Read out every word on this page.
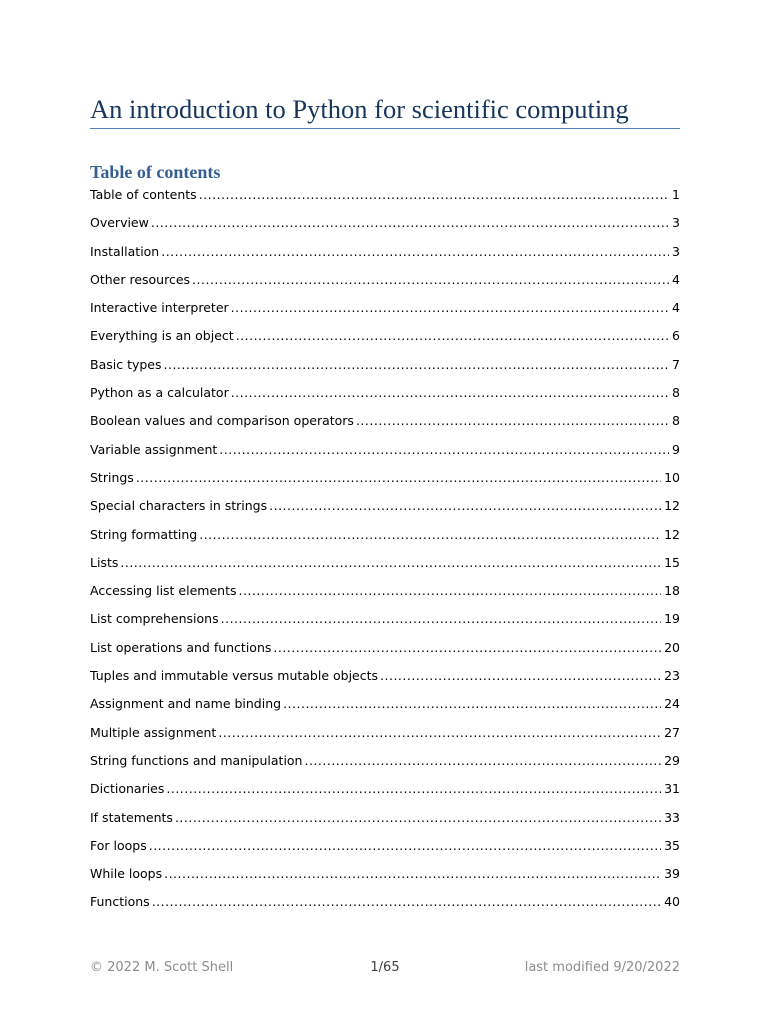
An introduction to Python for scientific computing
Table of contents
Table of contents .....	1
Overview .....	3
Installation .....	3
Other resources .....	4
Interactive interpreter .....	4
Everything is an object .....	6
Basic types .....	7
Python as a calculator .....	8
Boolean values and comparison operators .....	8
Variable assignment .....	9
Strings .....	10
Special characters in strings .....	12
String formatting .....	12
Lists .....	15
Accessing list elements .....	18
List comprehensions .....	19
List operations and functions .....	20
Tuples and immutable versus mutable objects .....	23
Assignment and name binding .....	24
Multiple assignment .....	27
String functions and manipulation .....	29
Dictionaries .....	31
If statements .....	33
For loops .....	35
While loops .....	39
Functions .....	40
© 2022 M. Scott Shell	1/65	last modified 9/20/2022
